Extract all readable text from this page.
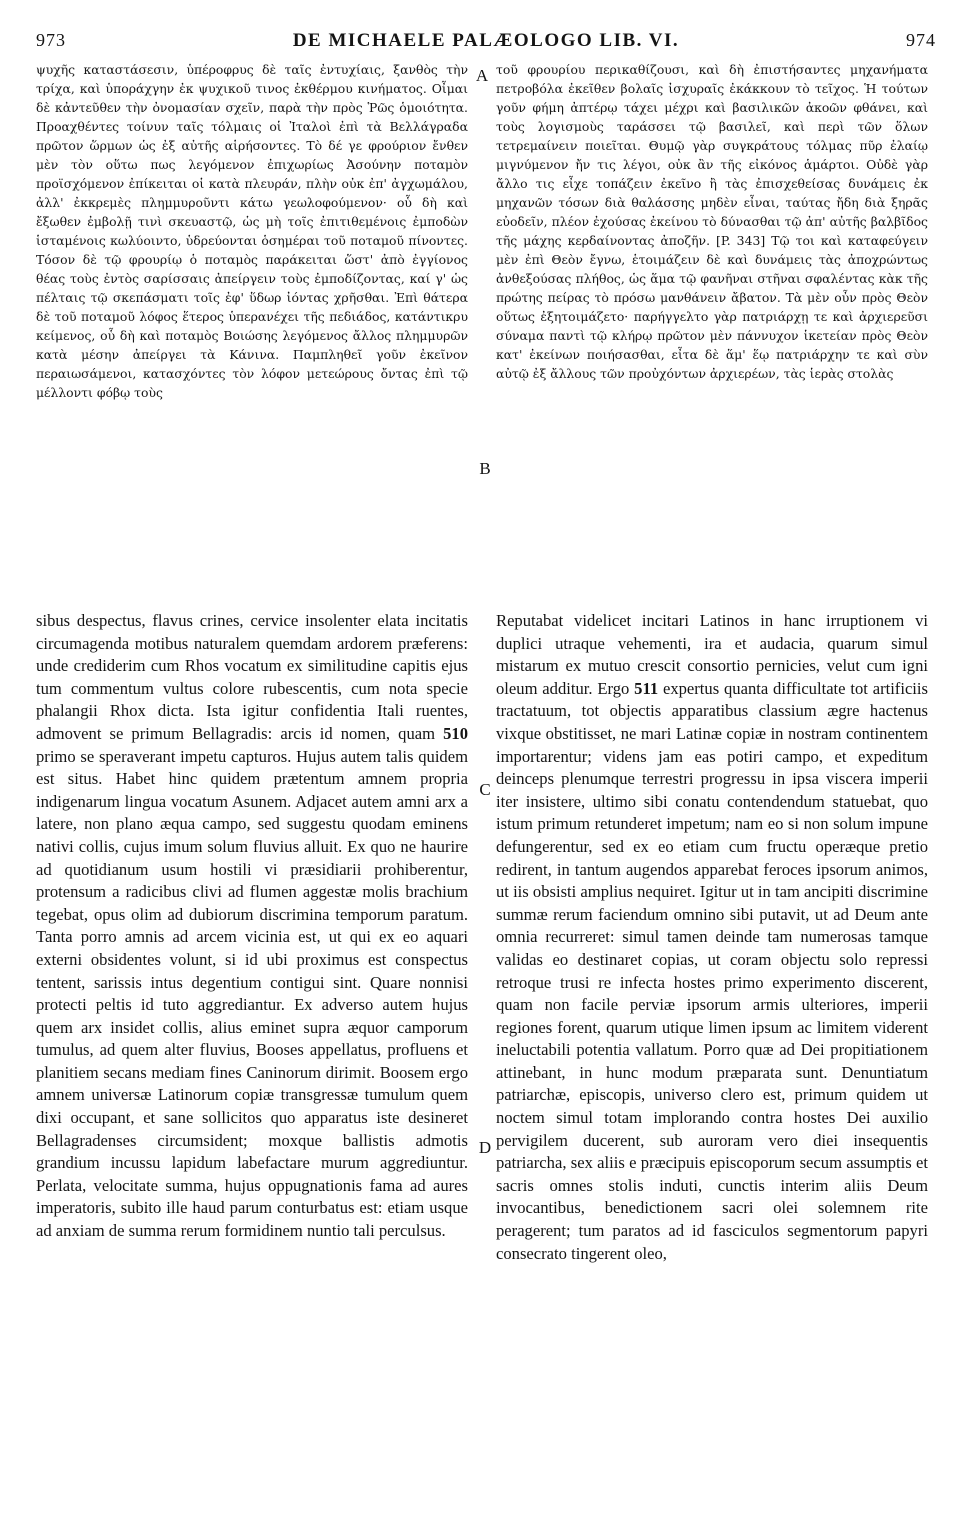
973	DE MICHAELE PALÆOLOGO LIB. VI.	974

ψυχῆς καταστάσεσιν, ὑπέροφρυς δὲ ταῖς ἐντυχίαις, ξανθὸς τὴν τρίχα, καὶ ὑποράχγην ἐκ ψυχικοῦ τινος ἐκθέρμου κινήματος. Οἶμαι δὲ κἀντεῦθεν τὴν ὀνομασίαν σχεῖν, παρὰ τὴν πρὸς Ῥῶς ὁμοιότητα. Προαχθέντες τοίνυν ταῖς τόλμαις οἱ Ἰταλοὶ ἐπὶ τὰ Βελλάγραδα πρῶτον ὥρμων ὡς ἐξ αὐτῆς αἱρήσοντες. Τὸ δέ γε φρούριον ἔνθεν μὲν τὸν οὕτω πως λεγόμενον ἐπιχωρίως Ἀσούνην ποταμὸν προϊσχόμενον ἐπίκειται οἱ κατὰ πλευράν, πλὴν οὐκ ἐπ' ἀγχωμάλου, ἀλλ' ἐκκρεμὲς πλημμυροῦντι κάτω γεωλοφούμενον· οὗ δὴ καὶ ἔξωθεν ἐμβολῇ τινὶ σκευαστῷ, ὡς μὴ τοῖς ἐπιτιθεμένοις ἐμποδὼν ἱσταμένοις κωλύοιντο, ὑδρεύονται ὁσημέραι τοῦ ποταμοῦ πίνοντες. Τόσον δὲ τῷ φρουρίῳ ὁ ποταμὸς παράκειται ὥστ' ἀπὸ ἐγγίονος θέας τοὺς ἐντὸς σαρίσσαις ἀπείργειν τοὺς ἐμποδίζοντας, καί γ' ὡς πέλταις τῷ σκεπάσματι τοῖς ἐφ' ὕδωρ ἰόντας χρῆσθαι. Ἐπὶ θάτερα δὲ τοῦ ποταμοῦ λόφος ἕτερος ὑπερανέχει τῆς πεδιάδος, κατάντικρυ κείμενος, οὗ δὴ καὶ ποταμὸς Βοιώσης λεγόμενος ἄλλος πλημμυρῶν κατὰ μέσην ἀπείργει τὰ Κάνινα. Παμπληθεῖ γοῦν ἐκεῖνον περαιωσάμενοι, κατασχόντες τὸν λόφον μετεώρους ὄντας ἐπὶ τῷ μέλλοντι φόβῳ τοὺς

τοῦ φρουρίου περικαθίζουσι, καὶ δὴ ἐπιστήσαντες μηχανήματα πετροβόλα ἐκεῖθεν βολαῖς ἰσχυραῖς ἐκάκκουν τὸ τεῖχος. Ἡ τούτων γοῦν φήμη ἀπτέρῳ τάχει μέχρι καὶ βασιλικῶν ἀκοῶν φθάνει, καὶ τοὺς λογισμοὺς ταράσσει τῷ βασιλεῖ, καὶ περὶ τῶν ὅλων τετρεμαίνειν ποιεῖται. Θυμῷ γὰρ συγκράτους τόλμας πῦρ ἐλαίῳ μιγνύμενον ἤν τις λέγοι, οὐκ ἂν τῆς εἰκόνος ἁμάρτοι. Οὐδὲ γὰρ ἄλλο τις εἶχε τοπάζειν ἐκεῖνο ἢ τὰς ἐπισχεθείσας δυνάμεις ἐκ μηχανῶν τόσων διὰ θαλάσσης μηδὲν εἶναι, ταύτας ἤδη διὰ ξηρᾶς εὐοδεῖν, πλέον ἐχούσας ἐκείνου τὸ δύνασθαι τῷ ἀπ' αὐτῆς βαλβῖδος τῆς μάχης κερδαίνοντας ἀποζῆν. [P. 343] Τῷ τοι καὶ καταφεύγειν μὲν ἐπὶ Θεὸν ἔγνω, ἑτοιμάζειν δὲ καὶ δυνάμεις τὰς ἀποχρώντως ἀνθεξούσας πλήθος, ὡς ἅμα τῷ φανῆναι στῆναι σφαλέντας κὰκ τῆς πρώτης πείρας τὸ πρόσω μανθάνειν ἄβατον. Τὰ μὲν οὖν πρὸς Θεὸν οὕτως ἐξητοιμάζετο· παρήγγελτο γὰρ πατριάρχῃ τε καὶ ἀρχιερεῦσι σύναμα παντὶ τῷ κλήρῳ πρῶτον μὲν πάννυχον ἱκετείαν πρὸς Θεὸν κατ' ἐκείνων ποιήσασθαι, εἶτα δὲ ἅμ' ἕῳ πατριάρχην τε καὶ σὺν αὐτῷ ἐξ ἄλλους τῶν προὐχόντων ἀρχιερέων, τὰς ἱερὰς στολὰς

A
B
C
D

sibus despectus, flavus crines, cervice insolenter elata incitatis circumagenda motibus naturalem quemdam ardorem præferens: unde crediderim cum Rhos vocatum ex similitudine capitis ejus tum commentum vultus colore rubescentis, cum nota specie phalangii Rhox dicta. Ista igitur confidentia Itali ruentes, admovent se primum Bellagradis: arcis id nomen, quam 510 primo se speraverant impetu capturos. Hujus autem talis quidem est situs. Habet hinc quidem prætentum amnem propria indigenarum lingua vocatum Asunem. Adjacet autem amni arx a latere, non plano æqua campo, sed suggestu quodam eminens nativi collis, cujus imum solum fluvius alluit. Ex quo ne haurire ad quotidianum usum hostili vi præsidiarii prohiberentur, protensum a radicibus clivi ad flumen aggestæ molis brachium tegebat, opus olim ad dubiorum discrimina temporum paratum. Tanta porro amnis ad arcem vicinia est, ut qui ex eo aquari externi obsidentes volunt, si id ubi proximus est conspectus tentent, sarissis intus degentium contigui sint. Quare nonnisi protecti peltis id tuto aggrediantur. Ex adverso autem hujus quem arx insidet collis, alius eminet supra æquor camporum tumulus, ad quem alter fluvius, Booses appellatus, profluens et planitiem secans mediam fines Caninorum dirimit. Boosem ergo amnem universæ Latinorum copiæ transgressæ tumulum quem dixi occupant, et sane sollicitos quo apparatus iste desineret Bellagradenses circumsident; moxque ballistis admotis grandium incussu lapidum labefactare murum aggrediuntur. Perlata, velocitate summa, hujus oppugnationis fama ad aures imperatoris, subito ille haud parum conturbatus est: etiam usque ad anxiam de summa rerum formidinem nuntio tali perculsus.

Reputabat videlicet incitari Latinos in hanc irruptionem vi duplici utraque vehementi, ira et audacia, quarum simul mistarum ex mutuo crescit consortio pernicies, velut cum igni oleum additur. Ergo 511 expertus quanta difficultate tot artificiis tractatuum, tot objectis apparatibus classium ægre hactenus vixque obstitisset, ne mari Latinæ copiæ in nostram continentem importarentur; videns jam eas potiri campo, et expeditum deinceps plenumque terrestri progressu in ipsa viscera imperii iter insistere, ultimo sibi conatu contendendum statuebat, quo istum primum retunderet impetum; nam eo si non solum impune defungerentur, sed ex eo etiam cum fructu operæque pretio redirent, in tantum augendos apparebat feroces ipsorum animos, ut iis obsisti amplius nequiret. Igitur ut in tam ancipiti discrimine summæ rerum faciendum omnino sibi putavit, ut ad Deum ante omnia recurreret: simul tamen deinde tam numerosas tamque validas eo destinaret copias, ut coram objectu solo repressi retroque trusi re infecta hostes primo experimento discerent, quam non facile perviæ ipsorum armis ulteriores, imperii regiones forent, quarum utique limen ipsum ac limitem viderent ineluctabili potentia vallatum. Porro quæ ad Dei propitiationem attinebant, in hunc modum præparata sunt. Denuntiatum patriarchæ, episcopis, universo clero est, primum quidem ut noctem simul totam implorando contra hostes Dei auxilio pervigilem ducerent, sub auroram vero diei insequentis patriarcha, sex aliis e præcipuis episcoporum secum assumptis et sacris omnes stolis induti, cunctis interim aliis Deum invocantibus, benedictionem sacri olei solemnem rite peragerent; tum paratos ad id fasciculos segmentorum papyri consecrato tingerent oleo,
